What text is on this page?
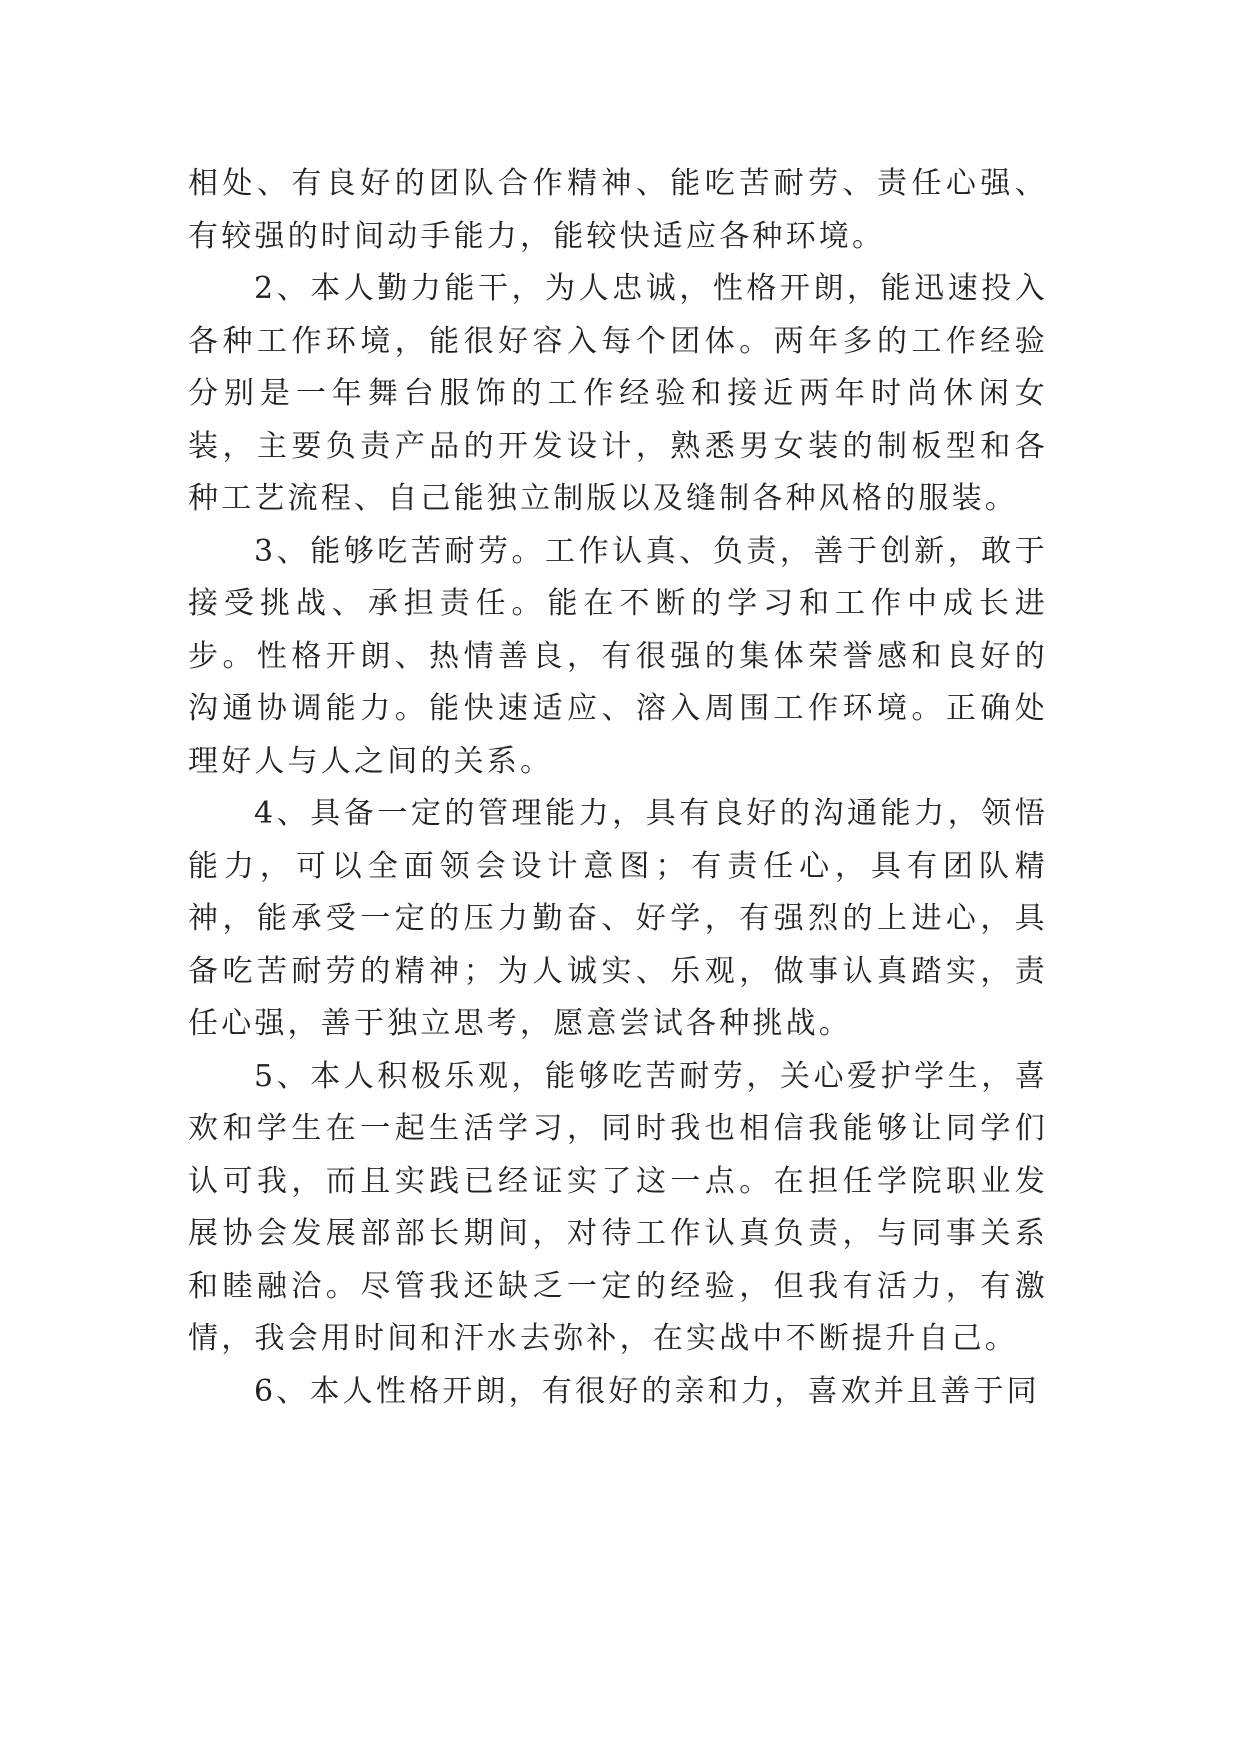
相处、有良好的团队合作精神、能吃苦耐劳、责任心强、有较强的时间动手能力，能较快适应各种环境。

2、本人勤力能干，为人忠诚，性格开朗，能迅速投入各种工作环境，能很好容入每个团体。两年多的工作经验分别是一年舞台服饰的工作经验和接近两年时尚休闲女装，主要负责产品的开发设计，熟悉男女装的制板型和各种工艺流程、自己能独立制版以及缝制各种风格的服装。

3、能够吃苦耐劳。工作认真、负责，善于创新，敢于接受挑战、承担责任。能在不断的学习和工作中成长进步。性格开朗、热情善良，有很强的集体荣誉感和良好的沟通协调能力。能快速适应、溶入周围工作环境。正确处理好人与人之间的关系。

4、具备一定的管理能力，具有良好的沟通能力，领悟能力，可以全面领会设计意图；有责任心，具有团队精神，能承受一定的压力勤奋、好学，有强烈的上进心，具备吃苦耐劳的精神；为人诚实、乐观，做事认真踏实，责任心强，善于独立思考，愿意尝试各种挑战。

5、本人积极乐观，能够吃苦耐劳，关心爱护学生，喜欢和学生在一起生活学习，同时我也相信我能够让同学们认可我，而且实践已经证实了这一点。在担任学院职业发展协会发展部部长期间，对待工作认真负责，与同事关系和睦融洽。尽管我还缺乏一定的经验，但我有活力，有激情，我会用时间和汗水去弥补，在实战中不断提升自己。

6、本人性格开朗，有很好的亲和力，喜欢并且善于同
